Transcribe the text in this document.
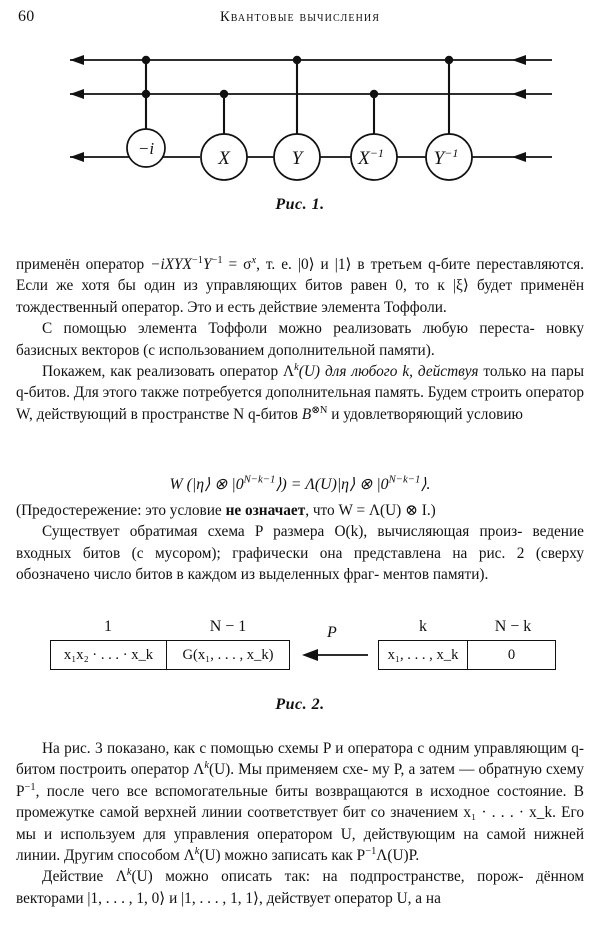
60	Квантовые вычисления
−i	X	Y	$X^{-1}$	$Y^{-1}$
Рис. 1.

применён оператор $-iXYX^{-1}Y^{-1} = \sigma^x$, т. е. |0⟩ и |1⟩ в третьем q-бите переставляются. Если же хотя бы один из управляющих битов равен 0, то к |ξ⟩ будет применён тождественный оператор. Это и есть действие элемента Тоффоли.

С помощью элемента Тоффоли можно реализовать любую переста- новку базисных векторов (с использованием дополнительной памяти).

Покажем, как реализовать оператор $\Lambda^k(U)$ для любого k, действуя только на пары q-битов. Для этого также потребуется дополнительная память. Будем строить оператор W, действующий в пространстве N q-битов $B^{\otimes N}$ и удовлетворяющий условию

W (|η⟩ ⊗ $|0^{N-k-1}⟩$) = Λ(U)|η⟩ ⊗ $|0^{N-k-1}⟩$.

(Предостережение: это условие не означает, что W = Λ(U) ⊗ I.)

Существует обратимая схема P размера O(k), вычисляющая произ- ведение входных битов (с мусором); графически она представлена на рис. 2 (сверху обозначено число битов в каждом из выделенных фраг- ментов памяти).

1	N − 1
x₁x₂ · . . . · x_k	G(x₁, . . . , x_k)
P	k	N − k
x₁, . . . , x_k	0
Рис. 2.

На рис. 3 показано, как с помощью схемы P и оператора с одним управляющим q-битом построить оператор $\Lambda^k(U)$. Мы применяем схе- му P, а затем — обратную схему $P^{-1}$, после чего все вспомогательные биты возвращаются в исходное состояние. В промежутке самой верхней линии соответствует бит со значением x₁ · . . . · x_k. Его мы и используем для управления оператором U, действующим на самой нижней линии. Другим способом $\Lambda^k(U)$ можно записать как $P^{-1}\Lambda(U)P$.

Действие $\Lambda^k(U)$ можно описать так: на подпространстве, порож- дённом векторами |1, . . . , 1, 0⟩ и |1, . . . , 1, 1⟩, действует оператор U, а на
